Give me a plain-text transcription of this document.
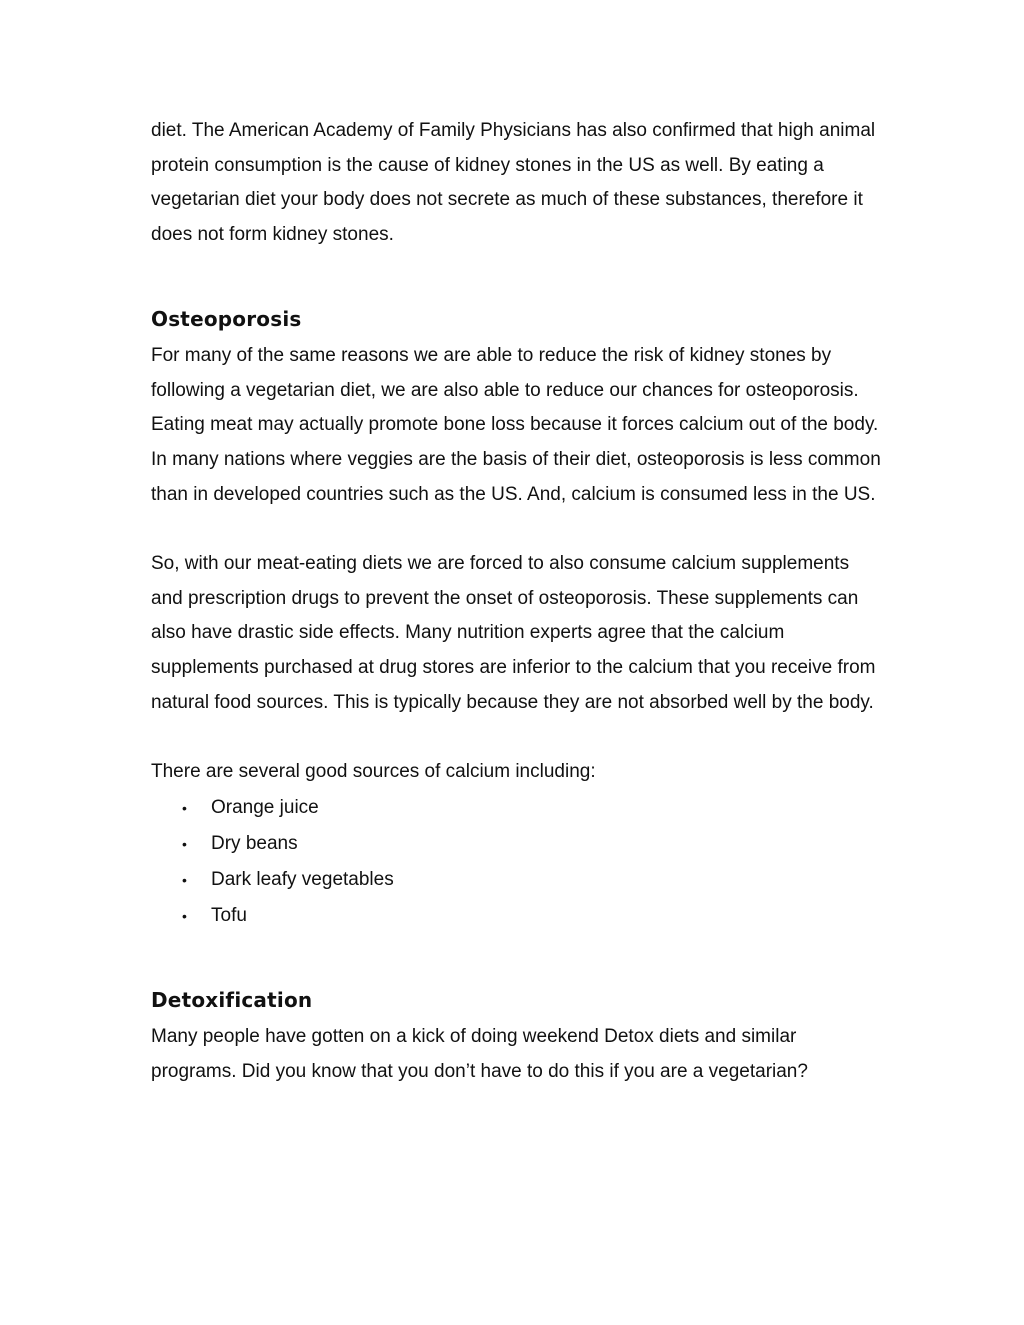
diet. The American Academy of Family Physicians has also confirmed that high animal protein consumption is the cause of kidney stones in the US as well. By eating a vegetarian diet your body does not secrete as much of these substances, therefore it does not form kidney stones.

Osteoporosis

For many of the same reasons we are able to reduce the risk of kidney stones by following a vegetarian diet, we are also able to reduce our chances for osteoporosis. Eating meat may actually promote bone loss because it forces calcium out of the body. In many nations where veggies are the basis of their diet, osteoporosis is less common than in developed countries such as the US. And, calcium is consumed less in the US.

So, with our meat-eating diets we are forced to also consume calcium supplements and prescription drugs to prevent the onset of osteoporosis. These supplements can also have drastic side effects. Many nutrition experts agree that the calcium supplements purchased at drug stores are inferior to the calcium that you receive from natural food sources. This is typically because they are not absorbed well by the body.

There are several good sources of calcium including:

• Orange juice
• Dry beans
• Dark leafy vegetables
• Tofu
Detoxification

Many people have gotten on a kick of doing weekend Detox diets and similar programs. Did you know that you don’t have to do this if you are a vegetarian?
